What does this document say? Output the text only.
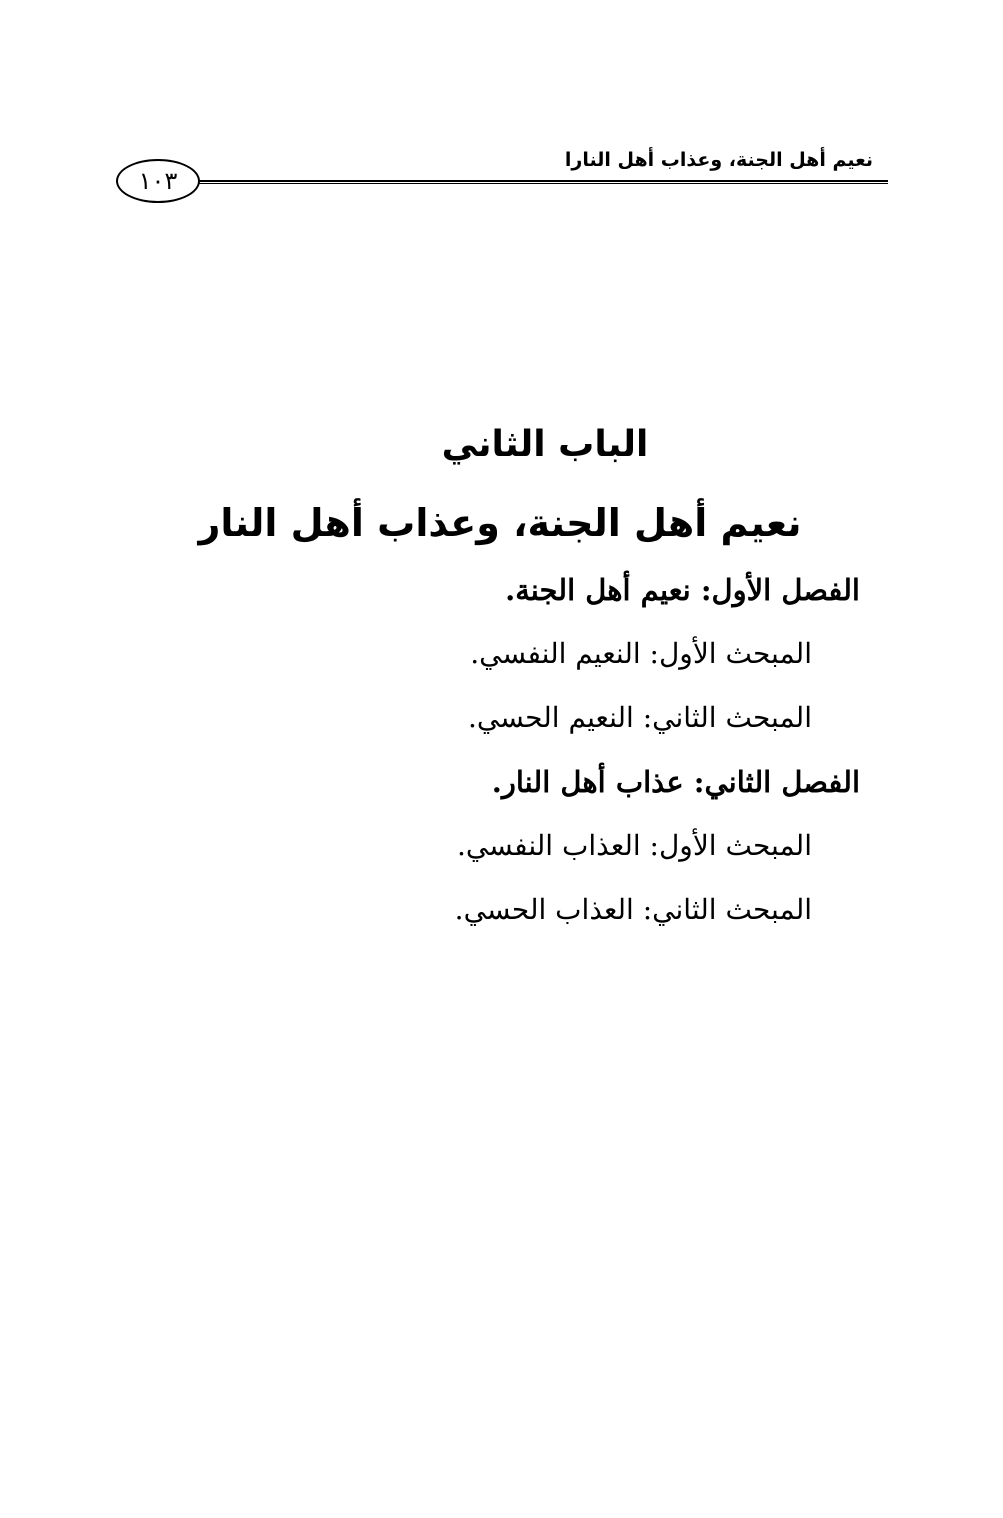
نعيم أهل الجنة، وعذاب أهل النارا
١٠٣
الباب الثاني
نعيم أهل الجنة، وعذاب أهل النار

الفصل الأول: نعيم أهل الجنة.

المبحث الأول: النعيم النفسي.

المبحث الثاني: النعيم الحسي.

الفصل الثاني: عذاب أهل النار.

المبحث الأول: العذاب النفسي.

المبحث الثاني: العذاب الحسي.
